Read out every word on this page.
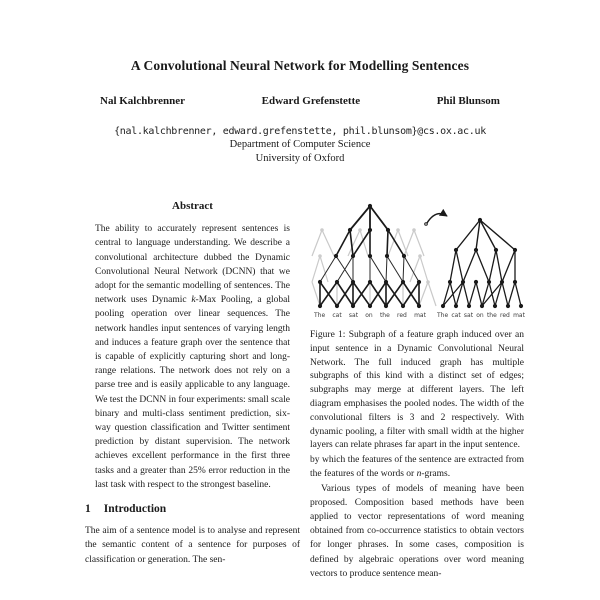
A Convolutional Neural Network for Modelling Sentences
Nal Kalchbrenner	Edward Grefenstette	Phil Blunsom
{nal.kalchbrenner, edward.grefenstette, phil.blunsom}@cs.ox.ac.uk
Department of Computer Science
University of Oxford
Abstract

The ability to accurately represent sentences is central to language understanding. We describe a convolutional architecture dubbed the Dynamic Convolutional Neural Network (DCNN) that we adopt for the semantic modelling of sentences. The network uses Dynamic k-Max Pooling, a global pooling operation over linear sequences. The network handles input sentences of varying length and induces a feature graph over the sentence that is capable of explicitly capturing short and long-range relations. The network does not rely on a parse tree and is easily applicable to any language. We test the DCNN in four experiments: small scale binary and multi-class sentiment prediction, six-way question classification and Twitter sentiment prediction by distant supervision. The network achieves excellent performance in the first three tasks and a greater than 25% error reduction in the last task with respect to the strongest baseline.

1 Introduction

The aim of a sentence model is to analyse and represent the semantic content of a sentence for purposes of classification or generation. The sen-

The cat sat on the red mat The cat sat on the red mat

Figure 1: Subgraph of a feature graph induced over an input sentence in a Dynamic Convolutional Neural Network. The full induced graph has multiple subgraphs of this kind with a distinct set of edges; subgraphs may merge at different layers. The left diagram emphasises the pooled nodes. The width of the convolutional filters is 3 and 2 respectively. With dynamic pooling, a filter with small width at the higher layers can relate phrases far apart in the input sentence.

by which the features of the sentence are extracted from the features of the words or n-grams.

Various types of models of meaning have been proposed. Composition based methods have been applied to vector representations of word meaning obtained from co-occurrence statistics to obtain vectors for longer phrases. In some cases, composition is defined by algebraic operations over word meaning vectors to produce sentence mean-
